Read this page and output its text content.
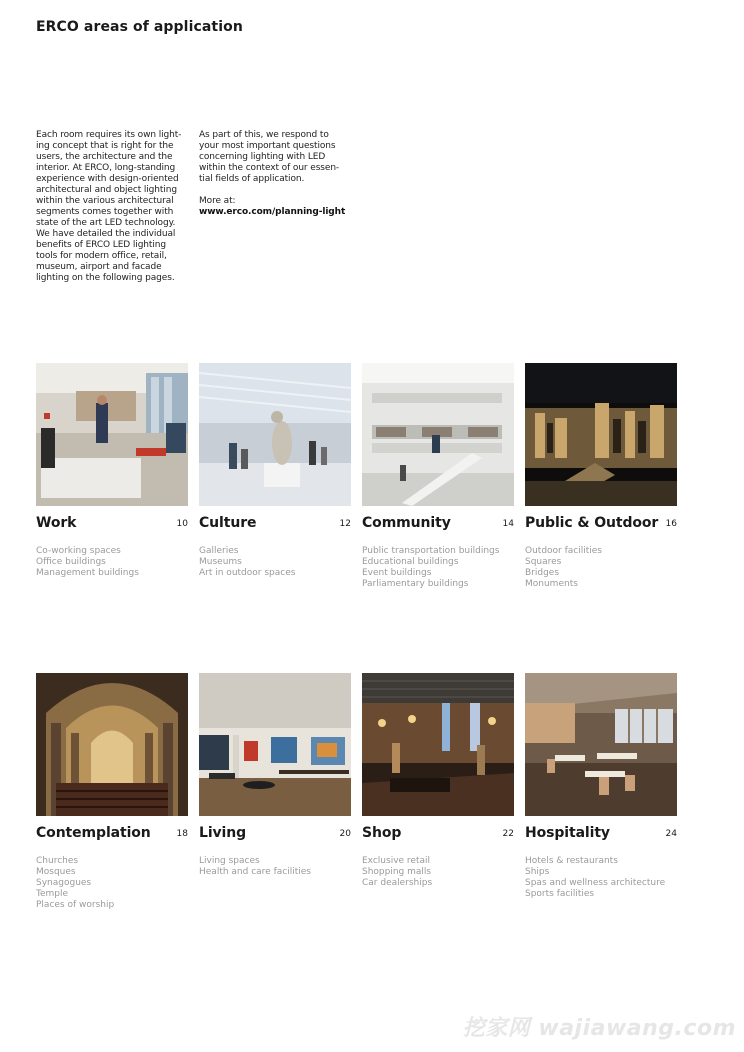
ERCO areas of application

Each room requires its own light-

ing concept that is right for the

users, the architecture and the

interior. At ERCO, long-standing

experience with design-oriented

architectural and object lighting

within the various architectural

segments comes together with

state of the art LED technology.

We have detailed the individual

benefits of ERCO LED lighting

tools for modern office, retail,

museum, airport and facade

lighting on the following pages.

As part of this, we respond to

your most important questions

concerning lighting with LED

within the context of our essen-

tial fields of application.

More at:

www.erco.com/planning-light

Work	10
Co-working spaces
Office buildings
Management buildings
Culture	12
Galleries
Museums
Art in outdoor spaces
Community	14
Public transportation buildings
Educational buildings
Event buildings
Parliamentary buildings
Public & Outdoor 16
Outdoor facilities
Squares
Bridges
Monuments
Contemplation	18
Churches
Mosques
Synagogues
Temple
Places of worship
Living	20
Living spaces
Health and care facilities
Shop	22
Exclusive retail
Shopping malls
Car dealerships
Hospitality	24
Hotels & restaurants
Ships
Spas and wellness architecture
Sports facilities
挖家网 wajiawang.com
